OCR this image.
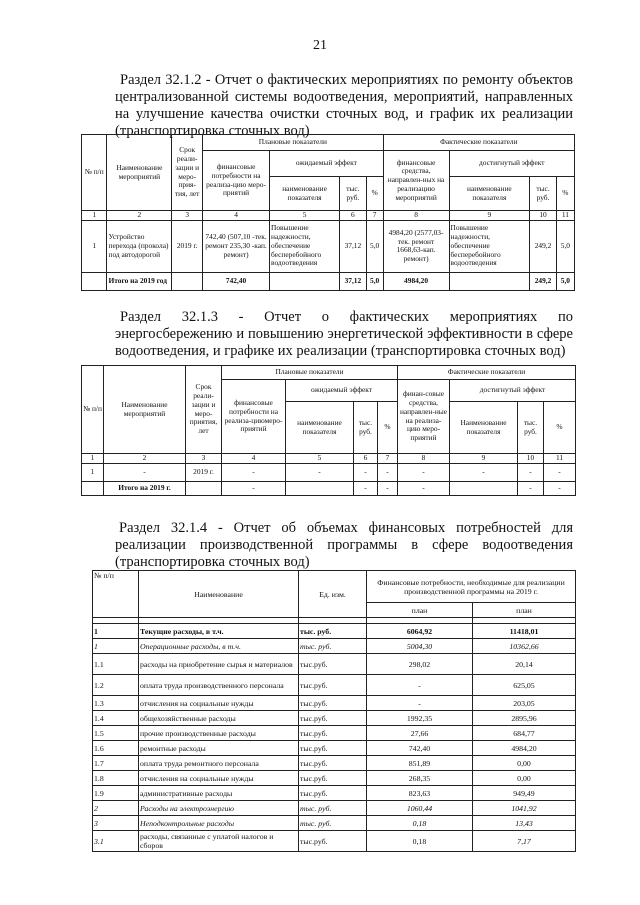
21
Раздел 32.1.2 - Отчет о фактических мероприятиях по ремонту объектов централизованной системы водоотведения, мероприятий, направленных на улучшение качества очистки сточных вод, и график их реализации (транспортировка сточных вод)
№ п/п	Наименование мероприятий	Срок реали-зации и меро-прия-тия, лет	Плановые показатели				Фактические показатели			
			финансовые потребности на реализа-цию меро-приятий	ожидаемый эффект			финансовые средства, направлен-ных на реализацию мероприятий	достигнутый эффект		
				наименование показателя	тыс. руб.	%		наименование показателя	тыс. руб.	%
1	2	3	4	5	6	7	8	9	10	11
1	Устройство перехода (прокола) под автодорогой	2019 г.	742,40 (507,10 -тек. ремонт 235,30 -кап. ремонт)	Повышение надежности, обеспечение бесперебойного водоотведения	37,12	5,0	4984,20 (2577,03-тек. ремонт 1668,63-кап. ремонт)	Повышение надежности, обеспечение бесперебойного водоотведения	249,2	5,0
	Итого на 2019 год		742,40		37,12	5,0	4984,20		249,2	5,0
Раздел 32.1.3 - Отчет о фактических мероприятиях по энергосбережению и повышению энергетической эффективности в сфере водоотведения, и графике их реализации (транспортировка сточных вод)
№ п/п	Наименование мероприятий	Срок реали-зации и меро-приятия, лет	Плановые показатели				Фактические показатели			
			финансовые потребности на реализа-циюмеро-приятий	ожидаемый эффект			финан-совые средства, направлен-ные на реализа-цию меро-приятий	достигнутый эффект		
				наименование показателя	тыс. руб.	%		Наименование показателя	тыс. руб.	%
1	2	3	4	5	6	7	8	9	10	11
1	-	2019 г.	-	-	-	-	-	-	-	-
	Итого на 2019 г.		-		-	-	-		-	-
Раздел 32.1.4 - Отчет об объемах финансовых потребностей для реализации производственной программы в сфере водоотведения (транспортировка сточных вод)
№ п/п	Наименование	Ед. изм.	Финансовые потребности, необходимые для реализации производственной программы на 2019 г.	
			план	план

1	Текущие расходы, в т.ч.	тыс. руб.	6064,92	11418,01
1	Операционные расходы, в т.ч.	тыс. руб.	5004,30	10362,66
1.1	расходы на приобретение сырья и материалов	тыс.руб.	298,02	20,14
1.2	оплата труда производственного персонала	тыс.руб.	-	625,05
1.3	отчисления на социальные нужды	тыс.руб.	-	203,05
1.4	общехозяйственные расходы	тыс.руб.	1992,35	2895,96
1.5	прочие производственные расходы	тыс.руб.	27,66	684,77
1.6	ремонтные расходы	тыс.руб.	742,40	4984,20
1.7	оплата труда ремонтного персонала	тыс.руб.	851,89	0,00
1.8	отчисления на социальные нужды	тыс.руб.	268,35	0,00
1.9	административные расходы	тыс.руб.	823,63	949,49
2	Расходы на электроэнергию	тыс. руб.	1060,44	1041,92
3	Неподконтрольные расходы	тыс. руб.	0,18	13,43
3.1	расходы, связанные с уплатой налогов и сборов	тыс.руб.	0,18	7,17
